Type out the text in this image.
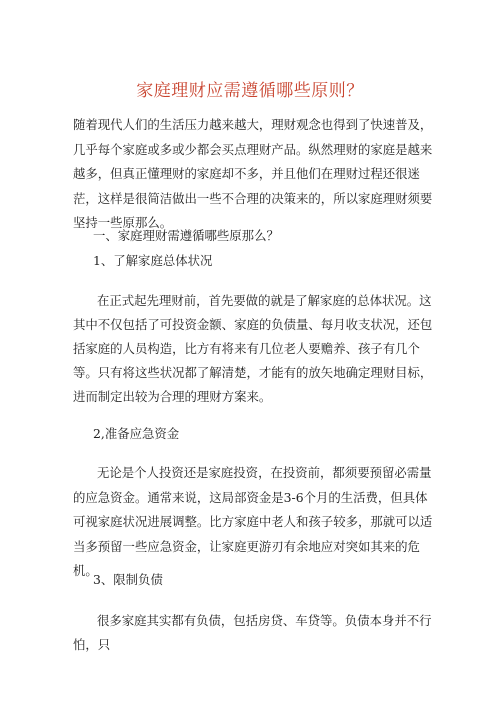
家庭理财应需遵循哪些原则？

随着现代人们的生活压力越来越大，理财观念也得到了快速普及，几乎每个家庭或多或少都会买点理财产品。纵然理财的家庭是越来越多，但真正懂理财的家庭却不多，并且他们在理财过程还很迷茫，这样是很简洁做出一些不合理的决策来的，所以家庭理财须要坚持一些原那么。

一、家庭理财需遵循哪些原那么？
1、了解家庭总体状况

在正式起先理财前，首先要做的就是了解家庭的总体状况。这其中不仅包括了可投资金额、家庭的负债量、每月收支状况，还包括家庭的人员构造，比方有将来有几位老人要赡养、孩子有几个等。只有将这些状况都了解清楚，才能有的放矢地确定理财目标，进而制定出较为合理的理财方案来。

2,准备应急资金

无论是个人投资还是家庭投资，在投资前，都须要预留必需量的应急资金。通常来说，这局部资金是3-6个月的生活费，但具体可视家庭状况进展调整。比方家庭中老人和孩子较多，那就可以适当多预留一些应急资金，让家庭更游刃有余地应对突如其来的危机。

3、限制负债

很多家庭其实都有负债，包括房贷、车贷等。负债本身并不行怕，只
